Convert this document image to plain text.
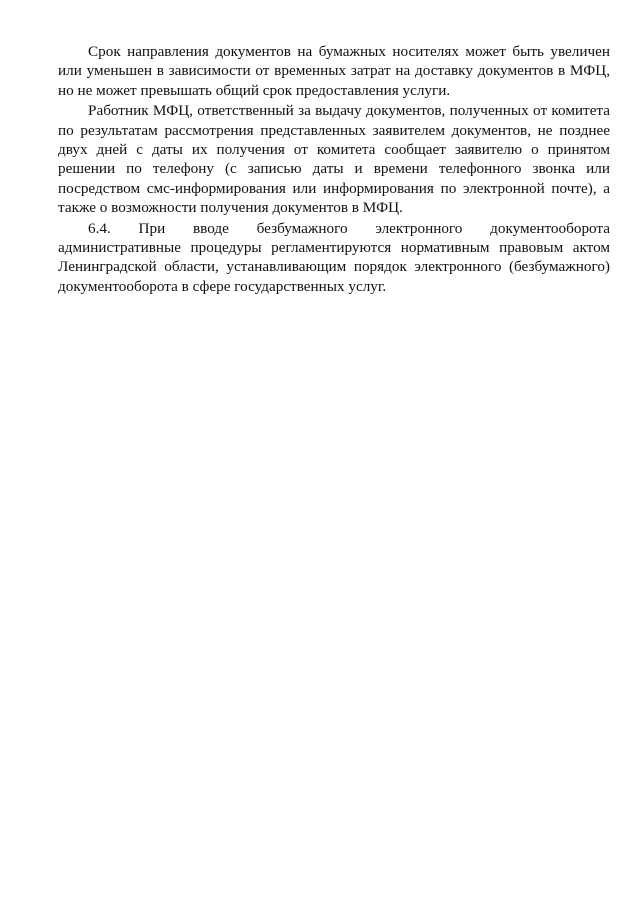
Срок направления документов на бумажных носителях может быть увеличен или уменьшен в зависимости от временных затрат на доставку документов в МФЦ, но не может превышать общий срок предоставления услуги.

Работник МФЦ, ответственный за выдачу документов, полученных от комитета по результатам рассмотрения представленных заявителем документов, не позднее двух дней с даты их получения от комитета сообщает заявителю о принятом решении по телефону (с записью даты и времени телефонного звонка или посредством смс-информирования или информирования по электронной почте), а также о возможности получения документов в МФЦ.

6.4. При вводе безбумажного электронного документооборота административные процедуры регламентируются нормативным правовым актом Ленинградской области, устанавливающим порядок электронного (безбумажного) документооборота в сфере государственных услуг.
